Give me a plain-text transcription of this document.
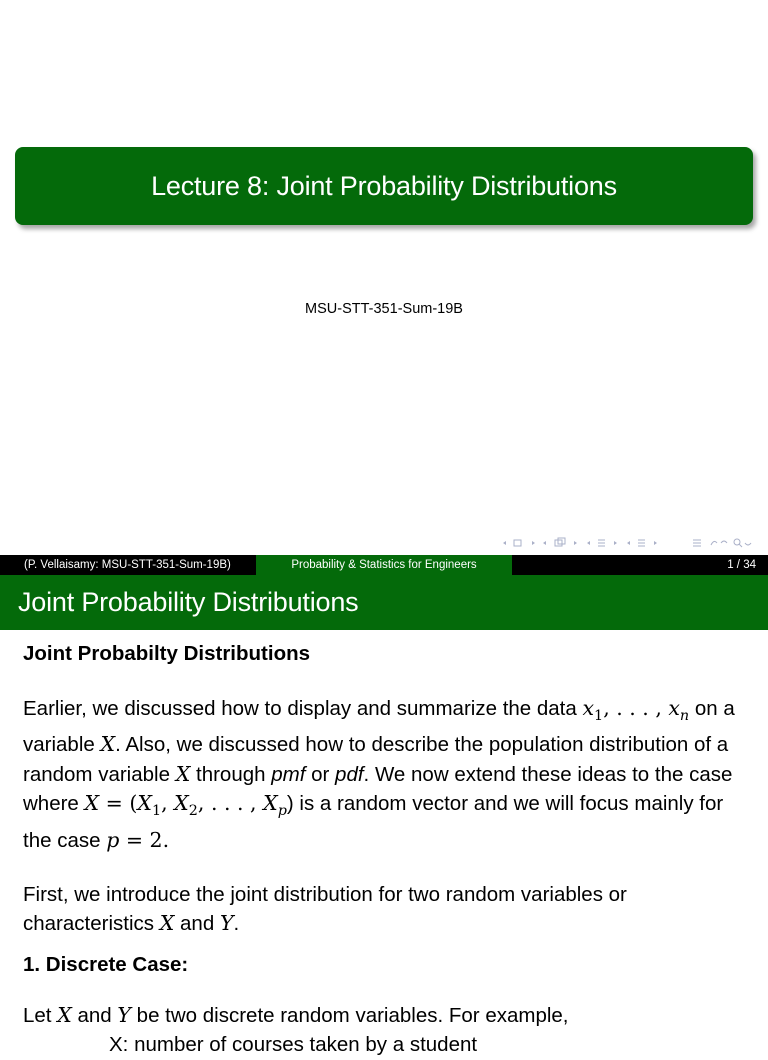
Lecture 8: Joint Probability Distributions
MSU-STT-351-Sum-19B
(P. Vellaisamy: MSU-STT-351-Sum-19B)	Probability & Statistics for Engineers	1 / 34
Joint Probability Distributions

Joint Probabilty Distributions

Earlier, we discussed how to display and summarize the data $x_1$, . . . , $x_n$ on a variable X. Also, we discussed how to describe the population distribution of a random variable X through pmf or pdf. We now extend these ideas to the case where $X = (X_1$, $X_2$, . . . , $X_p$) is a random vector and we will focus mainly for the case p = 2.

First, we introduce the joint distribution for two random variables or characteristics X and Y.

1. Discrete Case:

Let X and Y be two discrete random variables. For example,

X: number of courses taken by a student
